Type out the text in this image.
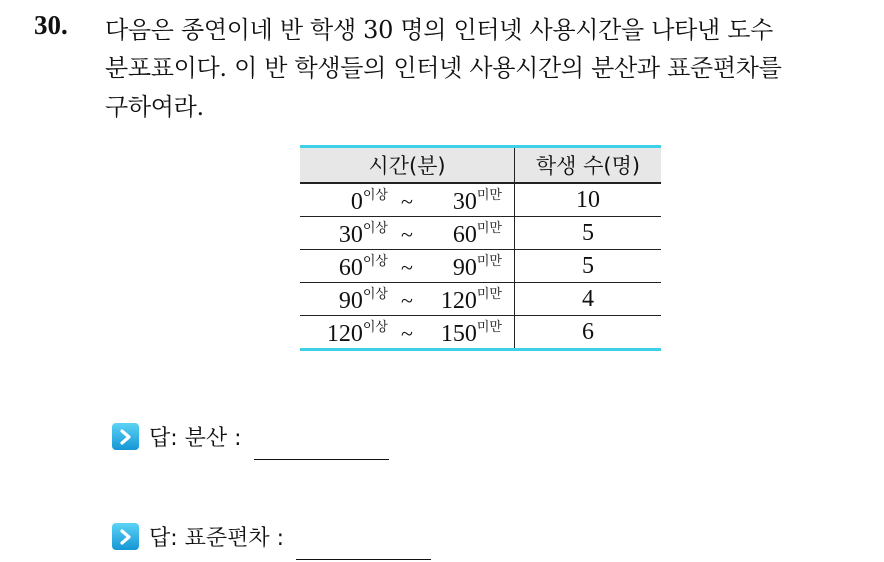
30. 다음은 종연이네 반 학생 30 명의 인터넷 사용시간을 나타낸 도수
분포표이다. 이 반 학생들의 인터넷 사용시간의 분산과 표준편차를
구하여라.
시간(분)	학생 수(명)

$0^{이상}$ ~ $30^{미만}$	10

$30^{이상}$ ~ $60^{미만}$	5

$60^{이상}$ ~ $90^{미만}$	5

$90^{이상}$ ~ $120^{미만}$	4

$120^{이상}$ ~ $150^{미만}$	6
답: 분산 :
답: 표준편차 :
